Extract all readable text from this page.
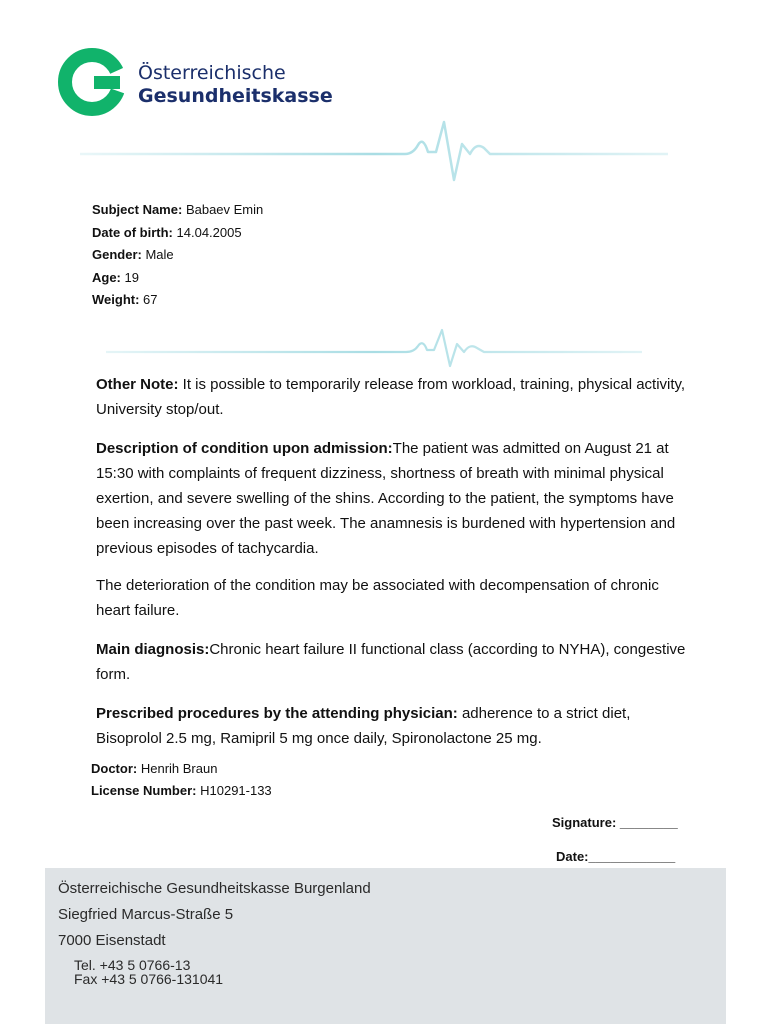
Österreichische
Gesundheitskasse
Subject Name: Babaev Emin
Date of birth: 14.04.2005
Gender: Male
Age: 19
Weight: 67

Other Note: It is possible to temporarily release from workload, training, physical activity, University stop/out.

Description of condition upon admission:The patient was admitted on August 21 at 15:30 with complaints of frequent dizziness, shortness of breath with minimal physical exertion, and severe swelling of the shins. According to the patient, the symptoms have been increasing over the past week. The anamnesis is burdened with hypertension and previous episodes of tachycardia.

The deterioration of the condition may be associated with decompensation of chronic heart failure.

Main diagnosis:Chronic heart failure II functional class (according to NYHA), congestive form.

Prescribed procedures by the attending physician: adherence to a strict diet, Bisoprolol 2.5 mg, Ramipril 5 mg once daily, Spironolactone 25 mg.

Doctor: Henrih Braun
License Number: H10291-133
Signature: ________
Date:____________
Österreichische Gesundheitskasse Burgenland
Siegfried Marcus-Straße 5
7000 Eisenstadt
Tel. +43 5 0766-13
Fax +43 5 0766-131041
